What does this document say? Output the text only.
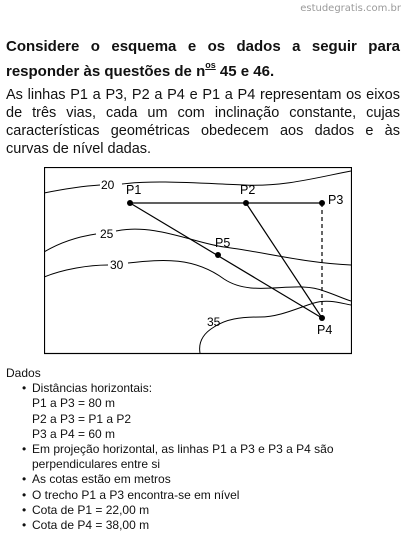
estudegratis.com.br

Considere o esquema e os dados a seguir para responder às questões de $n^{os}$ 45 e 46.

As linhas P1 a P3, P2 a P4 e P1 a P4 representam os eixos de três vias, cada um com inclinação constante, cujas características geométricas obedecem aos dados e às curvas de nível dadas.

P1	P2
P3
P4
P5
20
25
30
35

Dados

• Distâncias horizontais:
P1 a P3 = 80 m
P2 a P3 = P1 a P2
P3 a P4 = 60 m
• Em projeção horizontal, as linhas P1 a P3 e P3 a P4 são perpendiculares entre si
• As cotas estão em metros
• O trecho P1 a P3 encontra-se em nível
• Cota de P1 = 22,00 m
• Cota de P4 = 38,00 m
